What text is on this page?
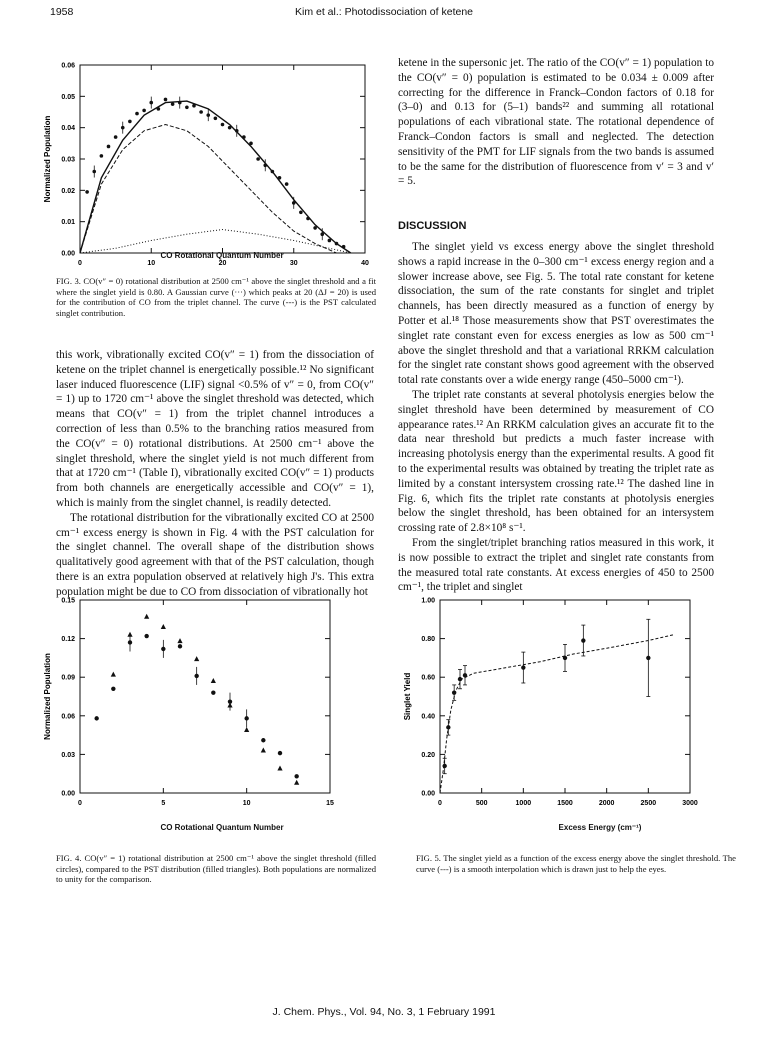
1958	Kim et al.: Photodissociation of ketene
0	10	20	30	40
0.00
0.01
0.02
0.03
0.04
0.05
0.06
Normalized Population
CO Rotational Quantum Number
FIG. 3. CO(v″ = 0) rotational distribution at 2500 cm⁻¹ above the singlet threshold and a fit where the singlet yield is 0.80. A Gaussian curve (···) which peaks at 20 (ΔJ = 20) is used for the contribution of CO from the triplet channel. The curve (---) is the PST calculated singlet contribution.

this work, vibrationally excited CO(v″ = 1) from the dissociation of ketene on the triplet channel is energetically possible.¹² No significant laser induced fluorescence (LIF) signal <0.5% of v″ = 0, from CO(v″ = 1) up to 1720 cm⁻¹ above the singlet threshold was detected, which means that CO(v″ = 1) from the triplet channel introduces a correction of less than 0.5% to the branching ratios measured from the CO(v″ = 0) rotational distributions. At 2500 cm⁻¹ above the singlet threshold, where the singlet yield is not much different from that at 1720 cm⁻¹ (Table I), vibrationally excited CO(v″ = 1) products from both channels are energetically accessible and CO(v″ = 1), which is mainly from the singlet channel, is readily detected.

The rotational distribution for the vibrationally excited CO at 2500 cm⁻¹ excess energy is shown in Fig. 4 with the PST calculation for the singlet channel. The overall shape of the distribution shows qualitatively good agreement with that of the PST calculation, though there is an extra population observed at relatively high J's. This extra population might be due to CO from dissociation of vibrationally hot

ketene in the supersonic jet. The ratio of the CO(v″ = 1) population to the CO(v″ = 0) population is estimated to be 0.034 ± 0.009 after correcting for the difference in Franck–Condon factors of 0.18 for (3–0) and 0.13 for (5–1) bands²² and summing all rotational populations of each vibrational state. The rotational dependence of Franck–Condon factors is small and neglected. The detection sensitivity of the PMT for LIF signals from the two bands is assumed to be the same for the distribution of fluorescence from v′ = 3 and v′ = 5.

DISCUSSION

The singlet yield vs excess energy above the singlet threshold shows a rapid increase in the 0–300 cm⁻¹ excess energy region and a slower increase above, see Fig. 5. The total rate constant for ketene dissociation, the sum of the rate constants for singlet and triplet channels, has been directly measured as a function of energy by Potter et al.¹⁸ Those measurements show that PST overestimates the singlet rate constant even for excess energies as low as 500 cm⁻¹ above the singlet threshold and that a variational RRKM calculation for the singlet rate constant shows good agreement with the observed total rate constants over a wide energy range (450–5000 cm⁻¹).

The triplet rate constants at several photolysis energies below the singlet threshold have been determined by measurement of CO appearance rates.¹² An RRKM calculation gives an accurate fit to the data near threshold but predicts a much faster increase with increasing photolysis energy than the experimental results. A good fit to the experimental results was obtained by treating the triplet rate as limited by a constant intersystem crossing rate.¹² The dashed line in Fig. 6, which fits the triplet rate constants at photolysis energies below the singlet threshold, has been obtained for an intersystem crossing rate of 2.8×10⁸ s⁻¹.

From the singlet/triplet branching ratios measured in this work, it is now possible to extract the triplet and singlet rate constants from the measured total rate constants. At excess energies of 450 to 2500 cm⁻¹, the triplet and singlet

0	5	10	15
0.00
0.03
0.06
0.09
0.12
0.15
Normalized Population
CO Rotational Quantum Number
FIG. 4. CO(v″ = 1) rotational distribution at 2500 cm⁻¹ above the singlet threshold (filled circles), compared to the PST distribution (filled triangles). Both populations are normalized to unity for the comparison.
0	500	1000	1500	2000	2500	3000
0.00
0.20
0.40
0.60
0.80
1.00
Singlet Yield
Excess Energy (cm⁻¹)
FIG. 5. The singlet yield as a function of the excess energy above the singlet threshold. The curve (---) is a smooth interpolation which is drawn just to help the eyes.
J. Chem. Phys., Vol. 94, No. 3, 1 February 1991
